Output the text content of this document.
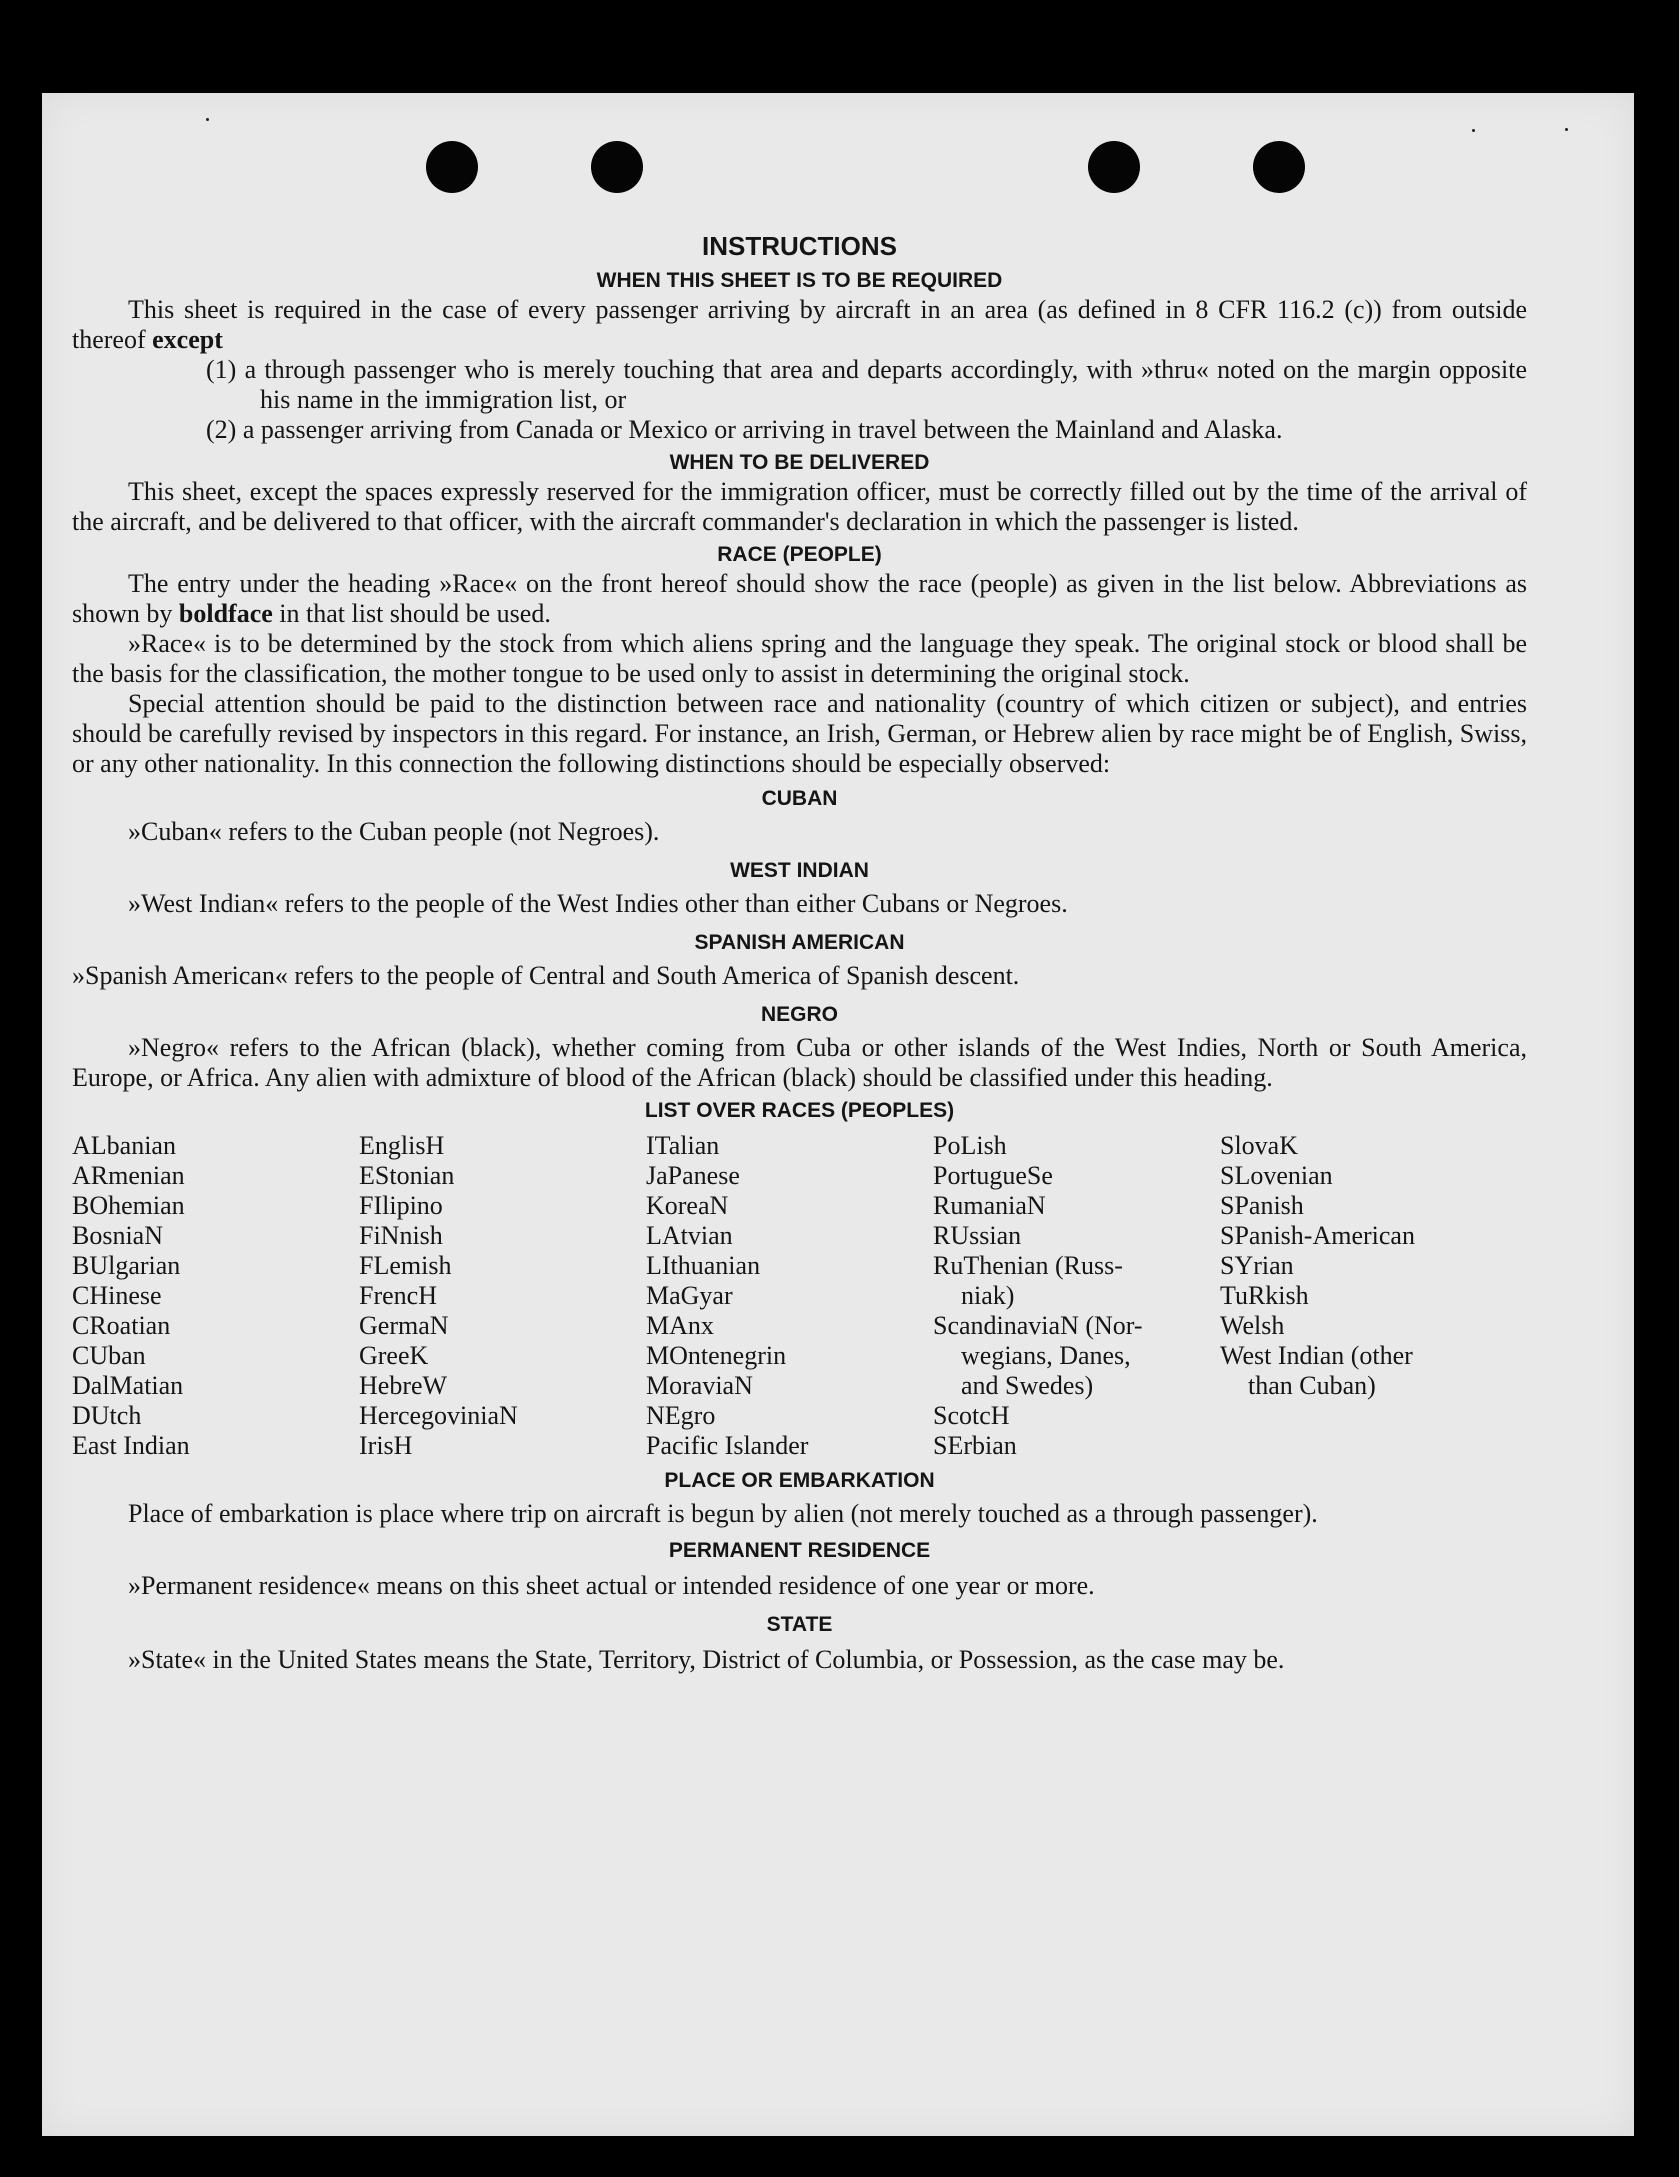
INSTRUCTIONS
WHEN THIS SHEET IS TO BE REQUIRED

This sheet is required in the case of every passenger arriving by aircraft in an area (as defined in 8 CFR 116.2 (c)) from outside thereof except

(1) a through passenger who is merely touching that area and departs accordingly, with »thru« noted on the margin opposite his name in the immigration list, or

(2) a passenger arriving from Canada or Mexico or arriving in travel between the Mainland and Alaska.

WHEN TO BE DELIVERED

This sheet, except the spaces expressly reserved for the immigration officer, must be correctly filled out by the time of the arrival of the aircraft, and be delivered to that officer, with the aircraft commander's declaration in which the passenger is listed.

RACE (PEOPLE)

The entry under the heading »Race« on the front hereof should show the race (people) as given in the list below. Abbreviations as shown by boldface in that list should be used.

»Race« is to be determined by the stock from which aliens spring and the language they speak. The original stock or blood shall be the basis for the classification, the mother tongue to be used only to assist in determining the original stock.

Special attention should be paid to the distinction between race and nationality (country of which citizen or subject), and entries should be carefully revised by inspectors in this regard. For instance, an Irish, German, or Hebrew alien by race might be of English, Swiss, or any other nationality. In this connection the following distinctions should be especially observed:

CUBAN

»Cuban« refers to the Cuban people (not Negroes).

WEST INDIAN

»West Indian« refers to the people of the West Indies other than either Cubans or Negroes.

SPANISH AMERICAN

»Spanish American« refers to the people of Central and South America of Spanish descent.

NEGRO

»Negro« refers to the African (black), whether coming from Cuba or other islands of the West Indies, North or South America, Europe, or Africa. Any alien with admixture of blood of the African (black) should be classified under this heading.

LIST OVER RACES (PEOPLES)
ALbanian
ARmenian
BOhemian
BosniaN
BUlgarian
CHinese
CRoatian
CUban
DalMatian
DUtch
East Indian
EnglisH
EStonian
FIlipino
FiNnish
FLemish
FrencH
GermaN
GreeK
HebreW
HercegoviniaN
IrisH
ITalian
JaPanese
KoreaN
LAtvian
LIthuanian
MaGyar
MAnx
MOntenegrin
MoraviaN
NEgro
Pacific Islander
PoLish
PortugueSe
RumaniaN
RUssian
RuThenian (Russ-
niak)
ScandinaviaN (Nor-
wegians, Danes,
and Swedes)
ScotcH
SErbian
SlovaK
SLovenian
SPanish
SPanish-American
SYrian
TuRkish
Welsh
West Indian (other
than Cuban)
PLACE OR EMBARKATION

Place of embarkation is place where trip on aircraft is begun by alien (not merely touched as a through passenger).

PERMANENT RESIDENCE

»Permanent residence« means on this sheet actual or intended residence of one year or more.

STATE

»State« in the United States means the State, Territory, District of Columbia, or Possession, as the case may be.
